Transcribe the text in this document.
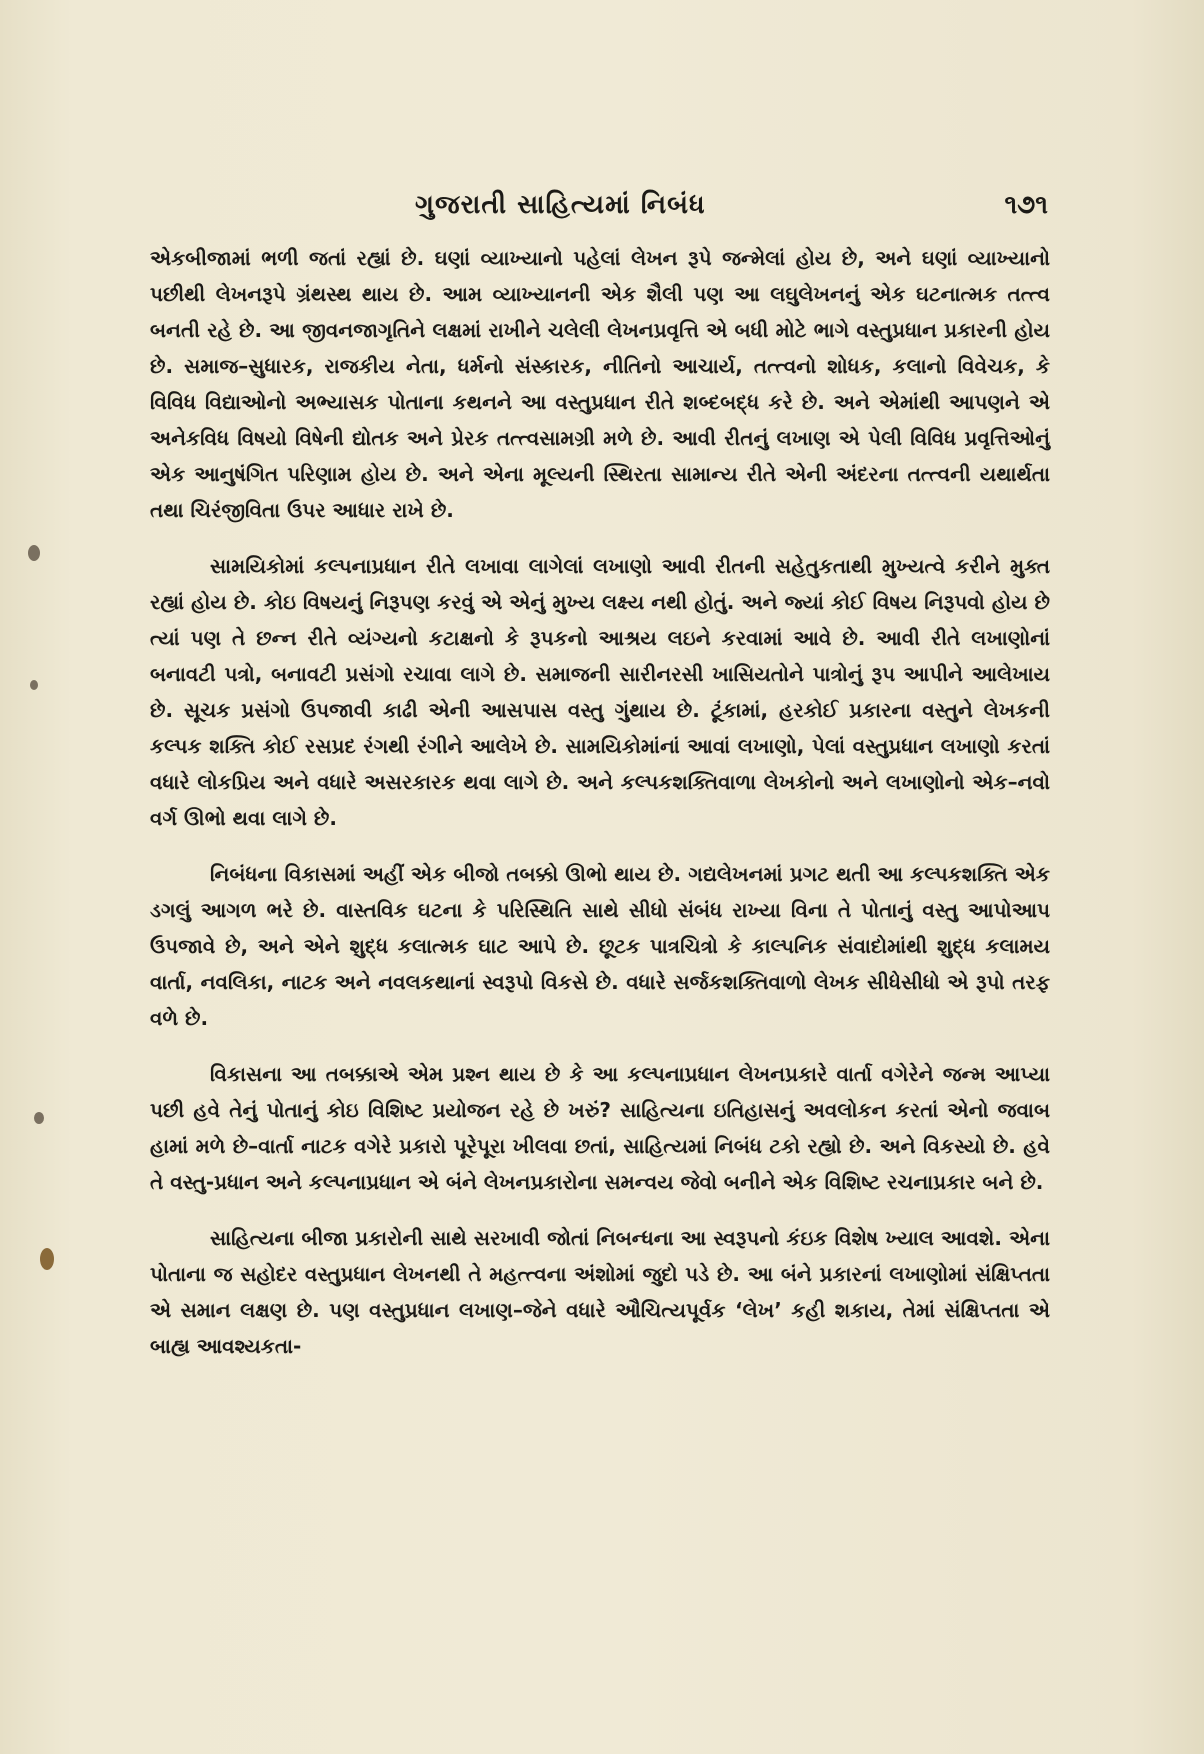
ગુજરાતી સાહિત્યમાં નિબંધ	૧૭૧

એકબીજામાં ભળી જતાં રહ્યાં છે. ઘણાં વ્યાખ્યાનો પહેલાં લેખન રૂપે જન્મેલાં હોય છે, અને ઘણાં વ્યાખ્યાનો પછીથી લેખનરૂપે ગ્રંથસ્થ થાય છે. આમ વ્યાખ્યાનની એક શૈલી પણ આ લઘુલેખનનું એક ઘટનાત્મક તત્ત્વ બનતી રહે છે. આ જીવનજાગૃતિને લક્ષમાં રાખીને ચલેલી લેખનપ્રવૃત્તિ એ બધી મોટે ભાગે વસ્તુપ્રધાન પ્રકારની હોય છે. સમાજ–સુધારક, રાજકીય નેતા, ધર્મનો સંસ્કારક, નીતિનો આચાર્ય, તત્ત્વનો શોધક, કલાનો વિવેચક, કે વિવિધ વિદ્યાઓનો અભ્યાસક પોતાના કથનને આ વસ્તુપ્રધાન રીતે શબ્દબદ્ધ કરે છે. અને એમાંથી આપણને એ અનેકવિધ વિષયો વિષેની દ્યોતક અને પ્રેરક તત્ત્વસામગ્રી મળે છે. આવી રીતનું લખાણ એ પેલી વિવિધ પ્રવૃત્તિઓનું એક આનુષંગિત પરિણામ હોય છે. અને એના મૂલ્યની સ્થિરતા સામાન્ય રીતે એની અંદરના તત્ત્વની યથાર્થતા તથા ચિરંજીવિતા ઉપર આધાર રાખે છે.

સામયિકોમાં કલ્પનાપ્રધાન રીતે લખાવા લાગેલાં લખાણો આવી રીતની સહેતુકતાથી મુખ્યત્વે કરીને મુક્ત રહ્યાં હોય છે. કોઇ વિષયનું નિરૂપણ કરવું એ એનું મુખ્ય લક્ષ્ય નથી હોતું. અને જ્યાં કોઈ વિષય નિરૂપવો હોય છે ત્યાં પણ તે છન્ન રીતે વ્યંગ્યનો કટાક્ષનો કે રૂપકનો આશ્રય લઇને કરવામાં આવે છે. આવી રીતે લખાણોનાં બનાવટી પત્રો, બનાવટી પ્રસંગો રચાવા લાગે છે. સમાજની સારીનરસી ખાસિયતોને પાત્રોનું રૂપ આપીને આલેખાય છે. સૂચક પ્રસંગો ઉપજાવી કાઢી એની આસપાસ વસ્તુ ગુંથાય છે. ટૂંકામાં, હરકોઈ પ્રકારના વસ્તુને લેખકની કલ્પક શક્તિ કોઈ રસપ્રદ રંગથી રંગીને આલેખે છે. સામયિકોમાંનાં આવાં લખાણો, પેલાં વસ્તુપ્રધાન લખાણો કરતાં વધારે લોકપ્રિય અને વધારે અસરકારક થવા લાગે છે. અને કલ્પકશક્તિવાળા લેખકોનો અને લખાણોનો એક–નવો વર્ગ ઊભો થવા લાગે છે.

નિબંધના વિકાસમાં અહીં એક બીજો તબક્કો ઊભો થાય છે. ગદ્યલેખનમાં પ્રગટ થતી આ કલ્પકશક્તિ એક ડગલું આગળ ભરે છે. વાસ્તવિક ઘટના કે પરિસ્થિતિ સાથે સીધો સંબંધ રાખ્યા વિના તે પોતાનું વસ્તુ આપોઆપ ઉપજાવે છે, અને એને શુદ્ધ કલાત્મક ઘાટ આપે છે. છૂટક પાત્રચિત્રો કે કાલ્પનિક સંવાદોમાંથી શુદ્ધ કલામય વાર્તા, નવલિકા, નાટક અને નવલકથાનાં સ્વરૂપો વિકસે છે. વધારે સર્જકશક્તિવાળો લેખક સીધેસીધો એ રૂપો તરફ વળે છે.

વિકાસના આ તબક્કાએ એમ પ્રશ્ન થાય છે કે આ કલ્પનાપ્રધાન લેખનપ્રકારે વાર્તા વગેરેને જન્મ આપ્યા પછી હવે તેનું પોતાનું કોઇ વિશિષ્ટ પ્રયોજન રહે છે ખરું? સાહિત્યના ઇતિહાસનું અવલોકન કરતાં એનો જવાબ હામાં મળે છે–વાર્તા નાટક વગેરે પ્રકારો પૂરેપૂરા ખીલવા છતાં, સાહિત્યમાં નિબંધ ટકો રહ્યો છે. અને વિકસ્યો છે. હવે તે વસ્તુ-પ્રધાન અને કલ્પનાપ્રધાન એ બંને લેખનપ્રકારોના સમન્વય જેવો બનીને એક વિશિષ્ટ રચનાપ્રકાર બને છે.

સાહિત્યના બીજા પ્રકારોની સાથે સરખાવી જોતાં નિબન્ધના આ સ્વરૂપનો કંઇક વિશેષ ખ્યાલ આવશે. એના પોતાના જ સહોદર વસ્તુપ્રધાન લેખનથી તે મહત્ત્વના અંશોમાં જુદો પડે છે. આ બંને પ્રકારનાં લખાણોમાં સંક્ષિપ્તતા એ સમાન લક્ષણ છે. પણ વસ્તુપ્રધાન લખાણ–જેને વધારે ઔચિત્યપૂર્વક ‘લેખ’ કહી શકાય, તેમાં સંક્ષિપ્તતા એ બાહ્ય આવશ્યકતા-
